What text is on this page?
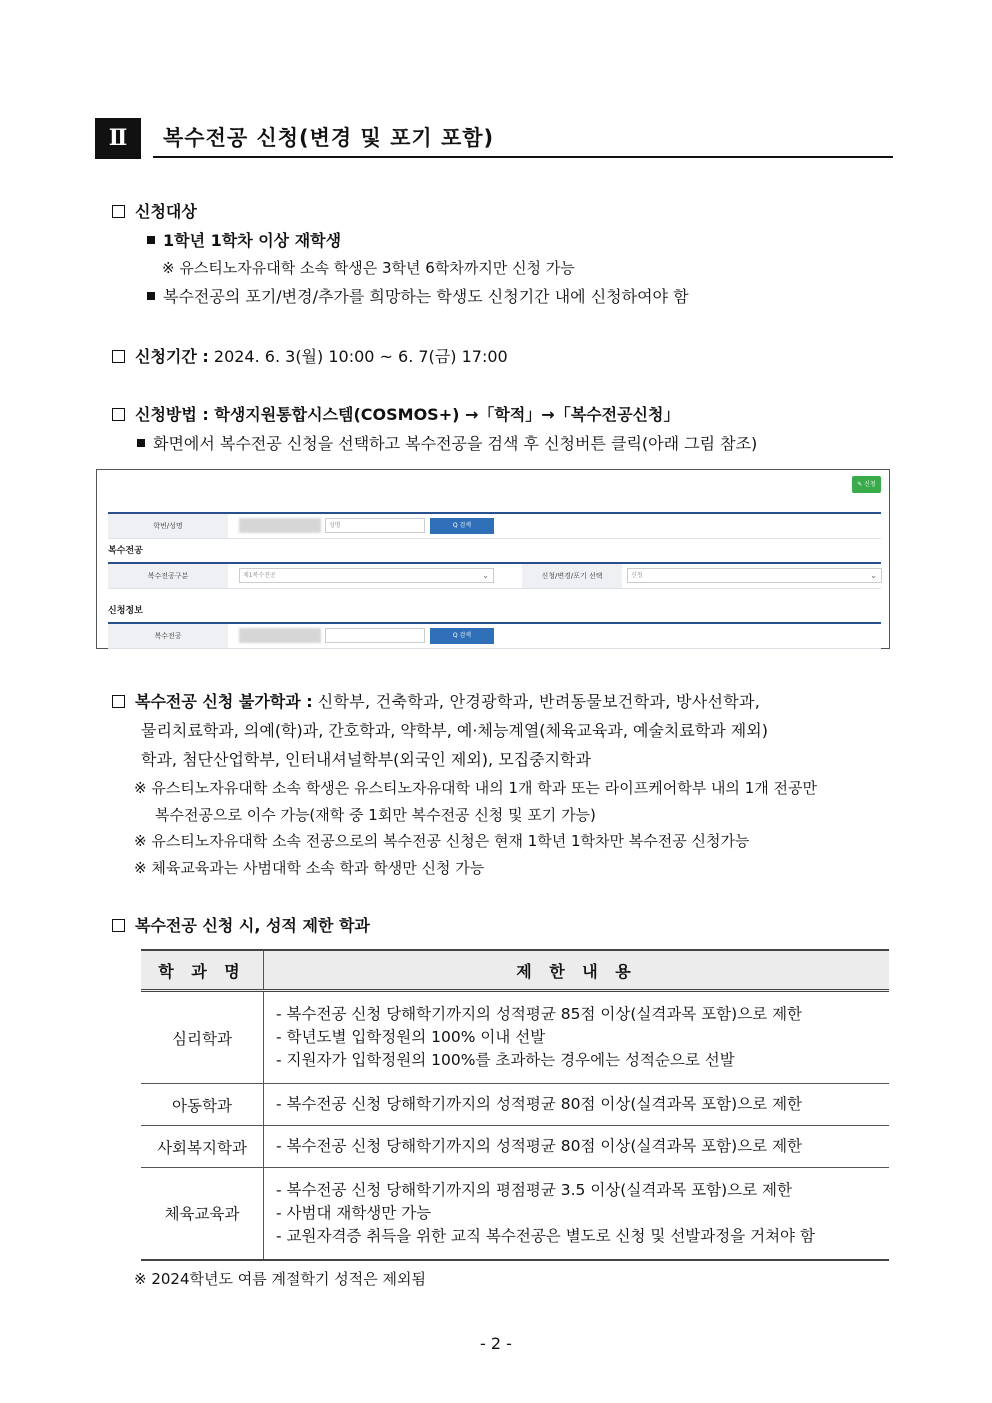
Ⅱ	복수전공 신청(변경 및 포기 포함)
신청대상
1학년 1학차 이상 재학생
※ 유스티노자유대학 소속 학생은 3학년 6학차까지만 신청 가능
복수전공의 포기/변경/추가를 희망하는 학생도 신청기간 내에 신청하여야 함
신청기간 : 2024. 6. 3(월) 10:00 ~ 6. 7(금) 17:00
신청방법 : 학생지원통합시스템(COSMOS+) →「학적」→「복수전공신청」
화면에서 복수전공 신청을 선택하고 복수전공을 검색 후 신청버튼 클릭(아래 그림 참조)
✎ 신청
학번/성명	성명	Q 검색
복수전공
복수전공구분	제1복수전공	⌄	신청/변경/포기 선택	신청	⌄
신청정보
복수전공	Q 검색
복수전공 신청 불가학과 : 신학부, 건축학과, 안경광학과, 반려동물보건학과, 방사선학과,
물리치료학과, 의예(학)과, 간호학과, 약학부, 예·체능계열(체육교육과, 예술치료학과 제외)
학과, 첨단산업학부, 인터내셔널학부(외국인 제외), 모집중지학과
※ 유스티노자유대학 소속 학생은 유스티노자유대학 내의 1개 학과 또는 라이프케어학부 내의 1개 전공만
복수전공으로 이수 가능(재학 중 1회만 복수전공 신청 및 포기 가능)
※ 유스티노자유대학 소속 전공으로의 복수전공 신청은 현재 1학년 1학차만 복수전공 신청가능
※ 체육교육과는 사범대학 소속 학과 학생만 신청 가능
복수전공 신청 시, 성적 제한 학과
학 과 명	제 한 내 용
심리학과	- 복수전공 신청 당해학기까지의 성적평균 85점 이상(실격과목 포함)으로 제한
- 학년도별 입학정원의 100% 이내 선발
- 지원자가 입학정원의 100%를 초과하는 경우에는 성적순으로 선발

아동학과	- 복수전공 신청 당해학기까지의 성적평균 80점 이상(실격과목 포함)으로 제한

사회복지학과	- 복수전공 신청 당해학기까지의 성적평균 80점 이상(실격과목 포함)으로 제한

체육교육과	- 복수전공 신청 당해학기까지의 평점평균 3.5 이상(실격과목 포함)으로 제한
- 사범대 재학생만 가능
- 교원자격증 취득을 위한 교직 복수전공은 별도로 신청 및 선발과정을 거쳐야 함
※ 2024학년도 여름 계절학기 성적은 제외됨
- 2 -
